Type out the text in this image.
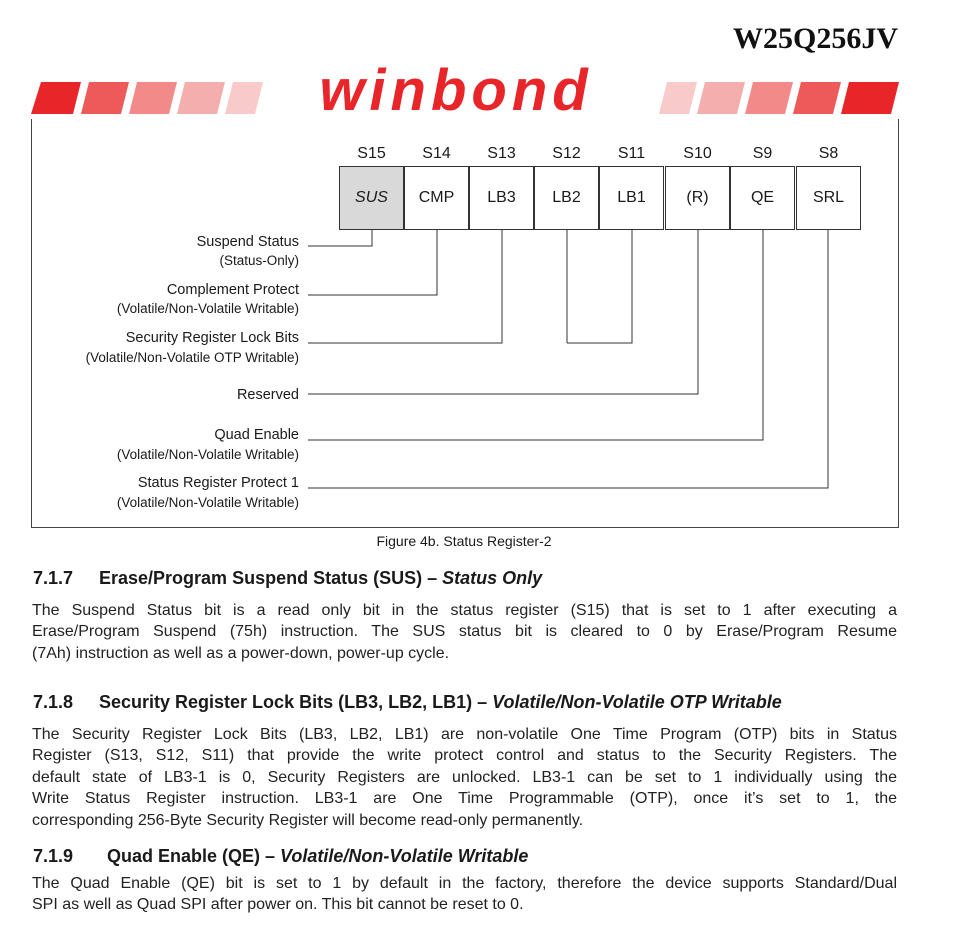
W25Q256JV
winbond
S15	S14	S13	S12	S11	S10	S9	S8
SUS	CMP	LB3	LB2	LB1	(R)	QE	SRL
Suspend Status
(Status-Only)
Complement Protect
(Volatile/Non-Volatile Writable)
Security Register Lock Bits
(Volatile/Non-Volatile OTP Writable)
Reserved
Quad Enable
(Volatile/Non-Volatile Writable)
Status Register Protect 1
(Volatile/Non-Volatile Writable)
Figure 4b. Status Register-2
7.1.7 Erase/Program Suspend Status (SUS) – Status Only
The Suspend Status bit is a read only bit in the status register (S15) that is set to 1 after executing a
Erase/Program Suspend (75h) instruction. The SUS status bit is cleared to 0 by Erase/Program Resume
(7Ah) instruction as well as a power-down, power-up cycle.
7.1.8 Security Register Lock Bits (LB3, LB2, LB1) – Volatile/Non-Volatile OTP Writable
The Security Register Lock Bits (LB3, LB2, LB1) are non-volatile One Time Program (OTP) bits in Status
Register (S13, S12, S11) that provide the write protect control and status to the Security Registers. The
default state of LB3-1 is 0, Security Registers are unlocked. LB3-1 can be set to 1 individually using the
Write Status Register instruction. LB3-1 are One Time Programmable (OTP), once it’s set to 1, the
corresponding 256-Byte Security Register will become read-only permanently.
7.1.9 Quad Enable (QE) – Volatile/Non-Volatile Writable
The Quad Enable (QE) bit is set to 1 by default in the factory, therefore the device supports Standard/Dual
SPI as well as Quad SPI after power on. This bit cannot be reset to 0.
